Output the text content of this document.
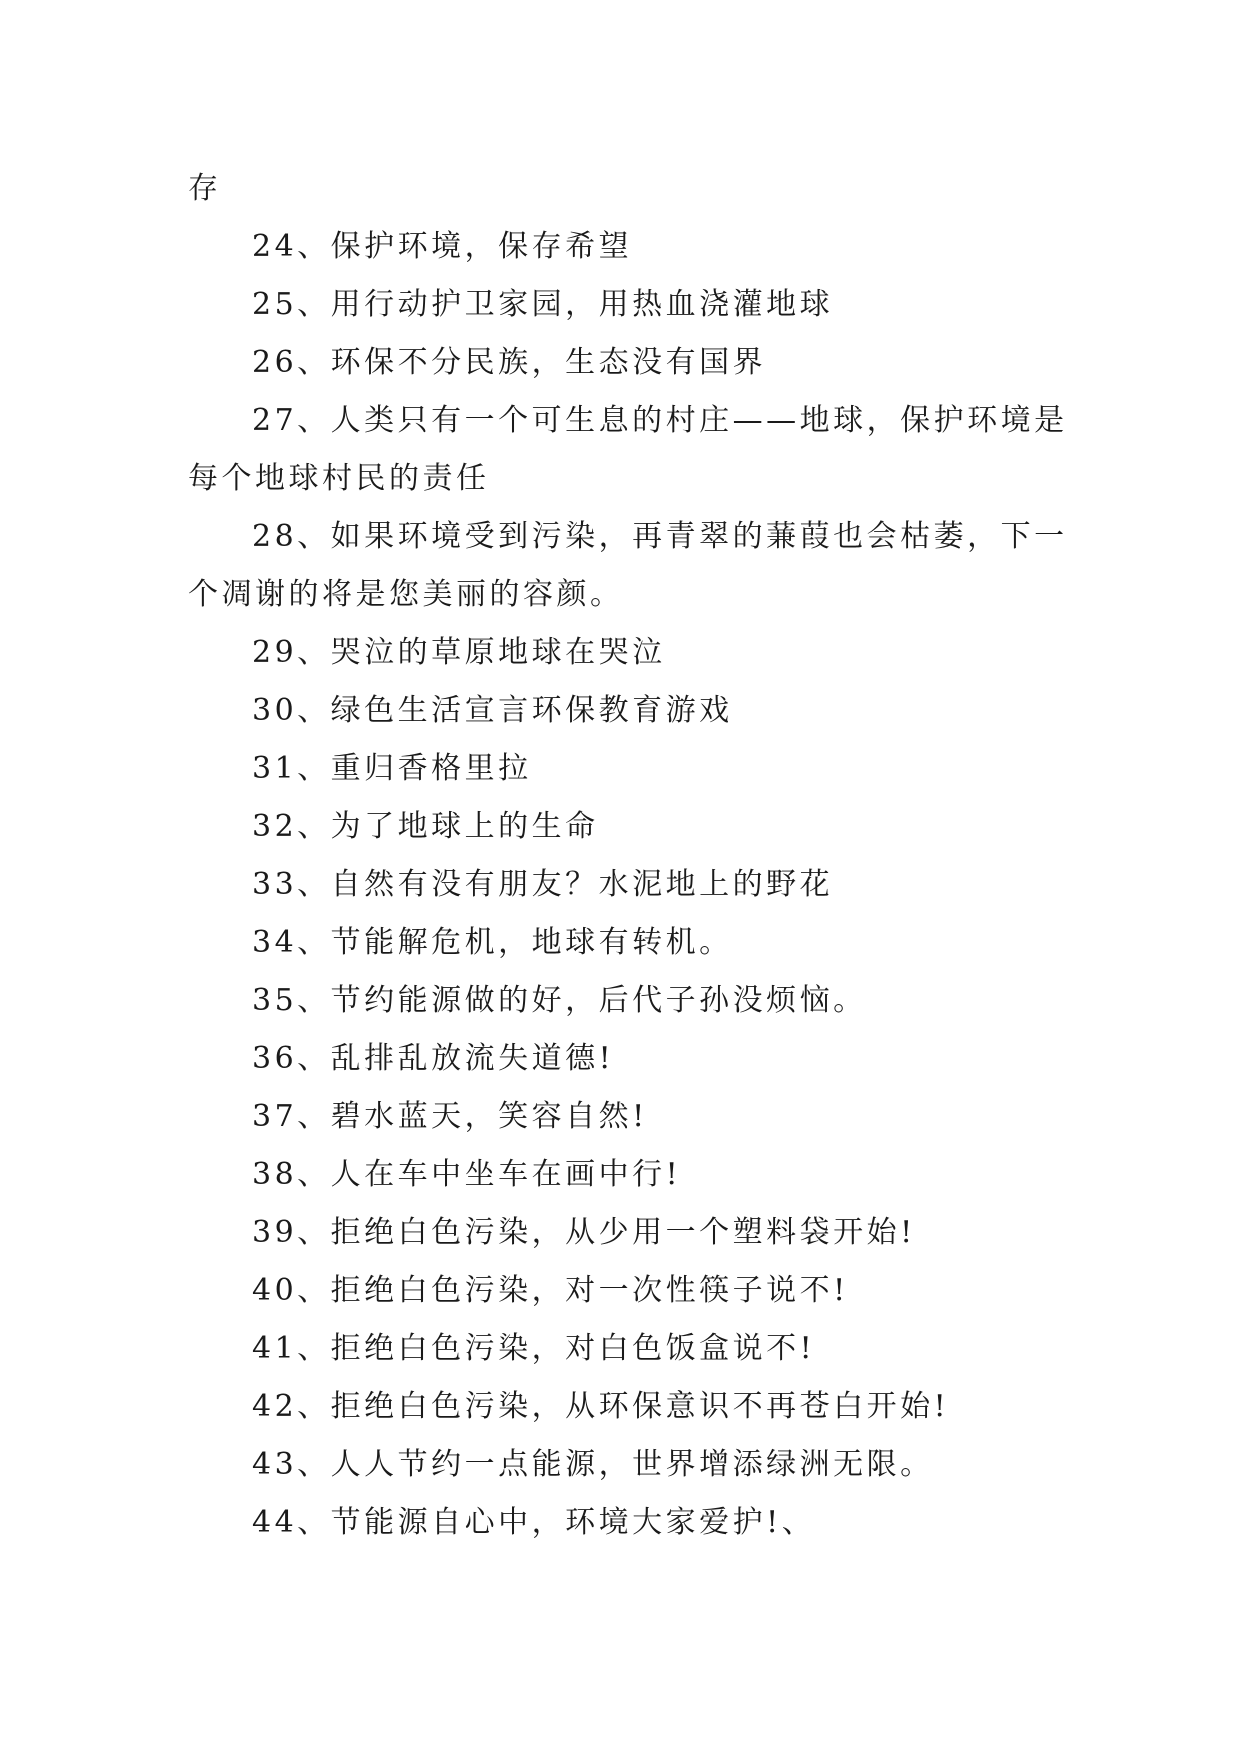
存

24、保护环境，保存希望

25、用行动护卫家园，用热血浇灌地球

26、环保不分民族，生态没有国界

27、人类只有一个可生息的村庄——地球，保护环境是

每个地球村民的责任

28、如果环境受到污染，再青翠的蒹葭也会枯萎，下一

个凋谢的将是您美丽的容颜。

29、哭泣的草原地球在哭泣

30、绿色生活宣言环保教育游戏

31、重归香格里拉

32、为了地球上的生命

33、自然有没有朋友？水泥地上的野花

34、节能解危机，地球有转机。

35、节约能源做的好，后代子孙没烦恼。

36、乱排乱放流失道德!

37、碧水蓝天，笑容自然!

38、人在车中坐车在画中行!

39、拒绝白色污染，从少用一个塑料袋开始!

40、拒绝白色污染，对一次性筷子说不!

41、拒绝白色污染，对白色饭盒说不!

42、拒绝白色污染，从环保意识不再苍白开始!

43、人人节约一点能源，世界增添绿洲无限。

44、节能源自心中，环境大家爱护!、
